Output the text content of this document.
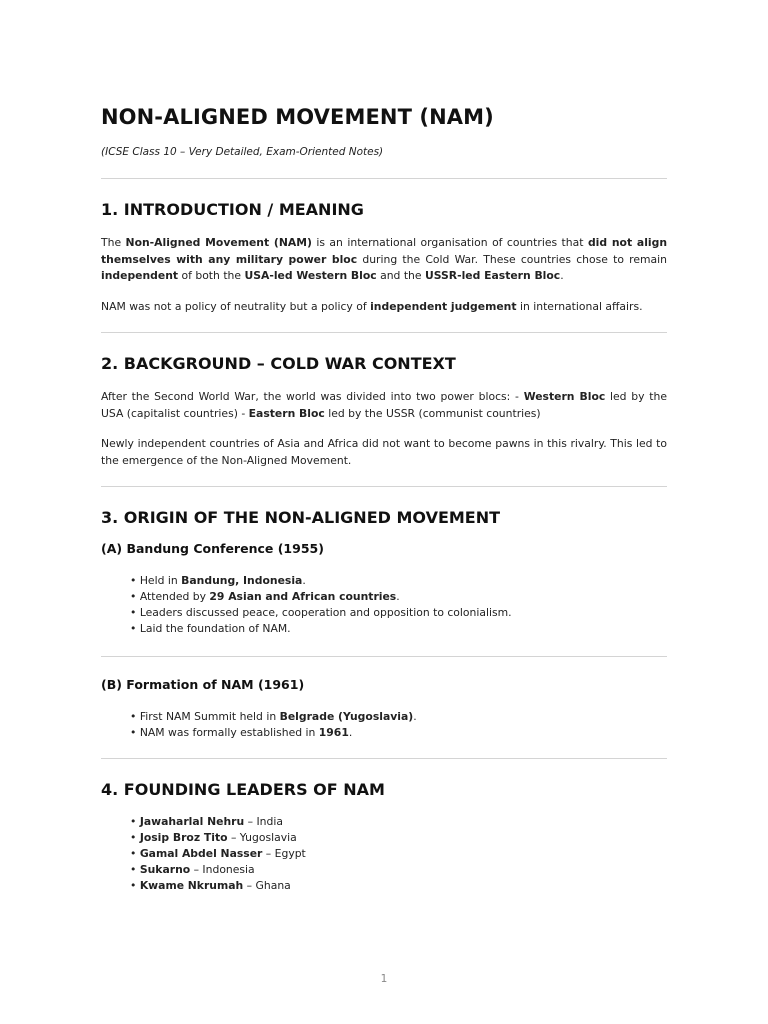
NON-ALIGNED MOVEMENT (NAM)
(ICSE Class 10 – Very Detailed, Exam-Oriented Notes)
1. INTRODUCTION / MEANING

The Non-Aligned Movement (NAM) is an international organisation of countries that did not align themselves with any military power bloc during the Cold War. These countries chose to remain independent of both the USA-led Western Bloc and the USSR-led Eastern Bloc.

NAM was not a policy of neutrality but a policy of independent judgement in international affairs.

2. BACKGROUND – COLD WAR CONTEXT

After the Second World War, the world was divided into two power blocs: - Western Bloc led by the USA (capitalist countries) - Eastern Bloc led by the USSR (communist countries)

Newly independent countries of Asia and Africa did not want to become pawns in this rivalry. This led to the emergence of the Non-Aligned Movement.

3. ORIGIN OF THE NON-ALIGNED MOVEMENT
(A) Bandung Conference (1955)
• Held in Bandung, Indonesia.
• Attended by 29 Asian and African countries.
• Leaders discussed peace, cooperation and opposition to colonialism.
• Laid the foundation of NAM.
(B) Formation of NAM (1961)
• First NAM Summit held in Belgrade (Yugoslavia).
• NAM was formally established in 1961.
4. FOUNDING LEADERS OF NAM
• Jawaharlal Nehru – India
• Josip Broz Tito – Yugoslavia
• Gamal Abdel Nasser – Egypt
• Sukarno – Indonesia
• Kwame Nkrumah – Ghana
1
